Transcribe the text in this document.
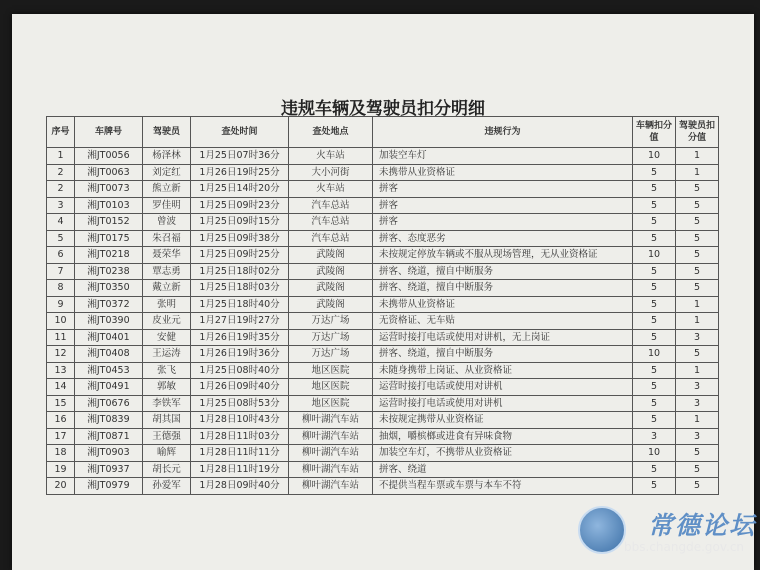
违规车辆及驾驶员扣分明细
序号	车牌号	驾驶员	查处时间	查处地点	违规行为	车辆扣分值	驾驶员扣分值
1	湘JT0056	杨泽林	1月25日07时36分	火车站	加装空车灯	10	1
2	湘JT0063	刘定红	1月26日19时25分	大小河街	未携带从业资格证	5	1
2	湘JT0073	熊立新	1月25日14时20分	火车站	拼客	5	5
3	湘JT0103	罗佳明	1月25日09时23分	汽车总站	拼客	5	5
4	湘JT0152	曾波	1月25日09时15分	汽车总站	拼客	5	5
5	湘JT0175	朱召福	1月25日09时38分	汽车总站	拼客、态度恶劣	5	5
6	湘JT0218	聂荣华	1月25日09时25分	武陵阁	未按规定停放车辆或不服从现场管理，无从业资格证	10	5
7	湘JT0238	覃志勇	1月25日18时02分	武陵阁	拼客、绕道，擅自中断服务	5	5
8	湘JT0350	戴立新	1月25日18时03分	武陵阁	拼客、绕道，擅自中断服务	5	5
9	湘JT0372	张明	1月25日18时40分	武陵阁	未携带从业资格证	5	1
10	湘JT0390	皮业元	1月27日19时27分	万达广场	无资格证、无车贴	5	1
11	湘JT0401	安健	1月26日19时35分	万达广场	运营时接打电话或使用对讲机，无上岗证	5	3
12	湘JT0408	王运涛	1月26日19时36分	万达广场	拼客、绕道，擅自中断服务	10	5
13	湘JT0453	张飞	1月25日08时40分	地区医院	未随身携带上岗证、从业资格证	5	1
14	湘JT0491	郭敏	1月26日09时40分	地区医院	运营时接打电话或使用对讲机	5	3
15	湘JT0676	李铁军	1月25日08时53分	地区医院	运营时接打电话或使用对讲机	5	3
16	湘JT0839	胡其国	1月28日10时43分	柳叶湖汽车站	未按规定携带从业资格证	5	1
17	湘JT0871	王德强	1月28日11时03分	柳叶湖汽车站	抽烟，嚼槟榔或进食有异味食物	3	3
18	湘JT0903	喻辉	1月28日11时11分	柳叶湖汽车站	加装空车灯，不携带从业资格证	10	5
19	湘JT0937	胡长元	1月28日11时19分	柳叶湖汽车站	拼客、绕道	5	5
20	湘JT0979	孙爱军	1月28日09时40分	柳叶湖汽车站	不提供当程车票或车票与本车不符	5	5
常德论坛
bbs.changde.gov.cn
